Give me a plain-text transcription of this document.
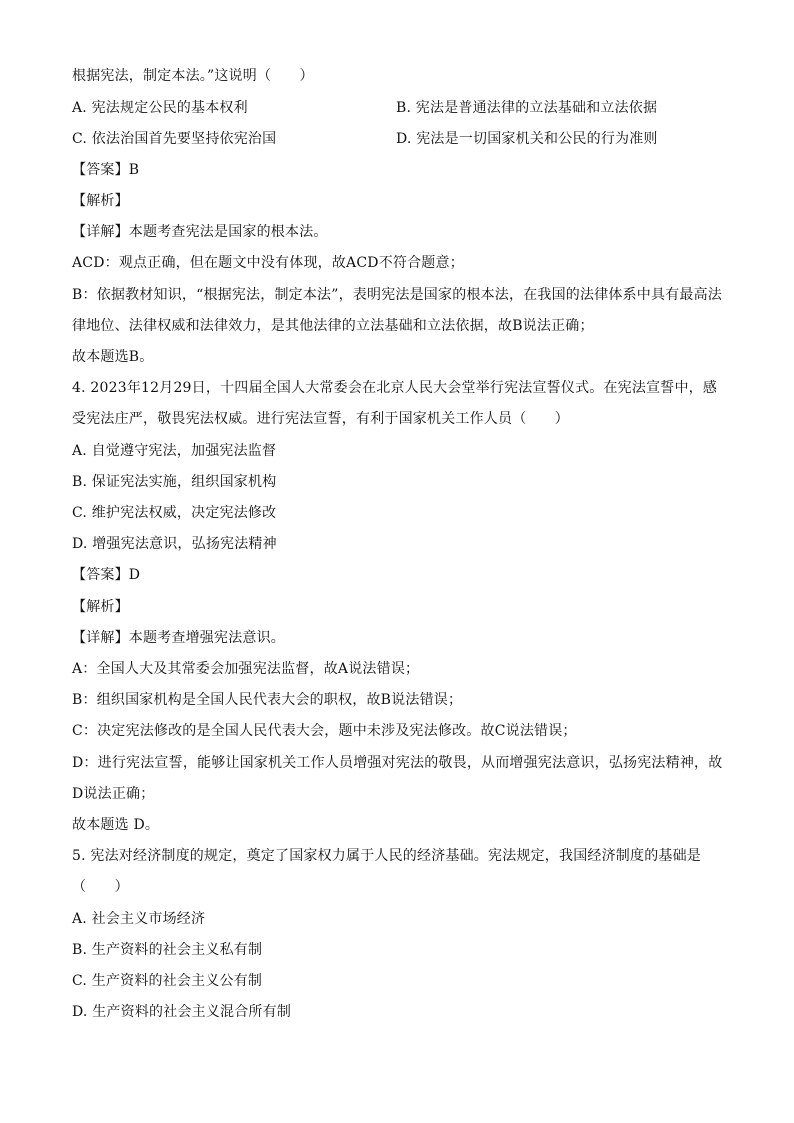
根据宪法，制定本法。”这说明（　　）
A. 宪法规定公民的基本权利	B. 宪法是普通法律的立法基础和立法依据
C. 依法治国首先要坚持依宪治国	D. 宪法是一切国家机关和公民的行为准则
【答案】B
【解析】
【详解】本题考查宪法是国家的根本法。
ACD：观点正确，但在题文中没有体现，故ACD不符合题意；
B：依据教材知识，“根据宪法，制定本法”，表明宪法是国家的根本法，在我国的法律体系中具有最高法
律地位、法律权威和法律效力，是其他法律的立法基础和立法依据，故B说法正确；
故本题选B。
4. 2023年12月29日，十四届全国人大常委会在北京人民大会堂举行宪法宣誓仪式。在宪法宣誓中，感
受宪法庄严，敬畏宪法权威。进行宪法宣誓，有利于国家机关工作人员（　　）
A. 自觉遵守宪法，加强宪法监督
B. 保证宪法实施，组织国家机构
C. 维护宪法权威，决定宪法修改
D. 增强宪法意识，弘扬宪法精神
【答案】D
【解析】
【详解】本题考查增强宪法意识。
A：全国人大及其常委会加强宪法监督，故A说法错误；
B：组织国家机构是全国人民代表大会的职权，故B说法错误；
C：决定宪法修改的是全国人民代表大会，题中未涉及宪法修改。故C说法错误；
D：进行宪法宣誓，能够让国家机关工作人员增强对宪法的敬畏，从而增强宪法意识，弘扬宪法精神，故
D说法正确；
故本题选 D。
5. 宪法对经济制度的规定，奠定了国家权力属于人民的经济基础。宪法规定，我国经济制度的基础是
（　　）
A. 社会主义市场经济
B. 生产资料的社会主义私有制
C. 生产资料的社会主义公有制
D. 生产资料的社会主义混合所有制
